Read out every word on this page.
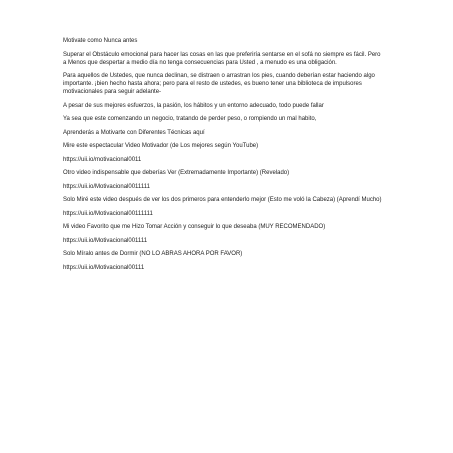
Motivate como Nunca antes

Superar el Obstáculo emocional para hacer las cosas en las que preferiría sentarse en el sofá no siempre es fácil. Pero a Menos que despertar a medio día no tenga consecuencias para Usted , a menudo es una obligación.

Para aquellos de Ustedes, que nunca declinan, se distraen o arrastran los pies, cuando deberían estar haciendo algo importante. ¡bien hecho hasta ahora; pero para el resto de ustedes, es bueno tener una biblioteca de impulsores motivacionales para seguir adelante-

A pesar de sus mejores esfuerzos, la pasión, los hábitos y un entorno adecuado, todo puede fallar

Ya sea que este comenzando un negocio, tratando de perder peso, o rompiendo un mal habito,

Aprenderás a Motivarte con Diferentes Técnicas aquí

Mire este espectacular Video Motivador (de Los mejores según YouTube)

https://uii.io/motivacional0011

Otro video indispensable que deberías Ver (Extremadamente Importante) (Revelado)

https://uii.io/Motivacional0011111

Solo Miré este video después de ver los dos primeros para entenderlo mejor (Esto me voló la Cabeza) (Aprendí Mucho)

https://uii.io/Motivacional00111111

Mi video Favorito que me Hizo Tomar Acción y conseguir lo que deseaba (MUY RECOMENDADO)

https://uii.io/Motivacional001111

Solo Míralo antes de Dormir (NO LO ABRAS AHORA POR FAVOR)

https://uii.io/Motivacional00111
